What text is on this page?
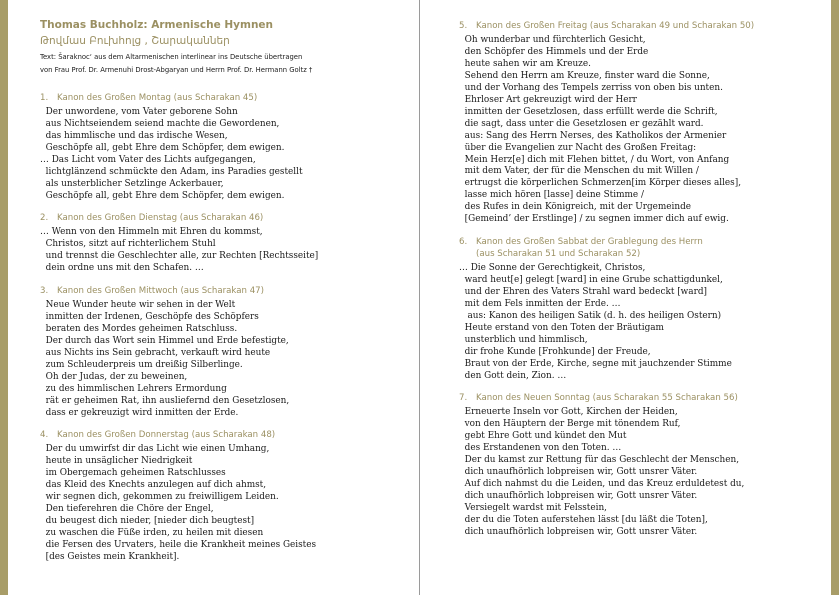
Thomas Buchholz: Armenische Hymnen
Թովմաս Բուխհոլց , Շարականներ
Text: Šaraknoc‘ aus dem Altarmenischen interlinear ins Deutsche übertragen
von Frau Prof. Dr. Armenuhi Drost-Abgaryan und Herrn Prof. Dr. Hermann Goltz †
1.	Kanon des Großen Montag (aus Scharakan 45)
Der unwordene, vom Vater geborene Sohn
aus Nichtseiendem seiend machte die Gewordenen,
das himmlische und das irdische Wesen,
Geschöpfe all, gebt Ehre dem Schöpfer, dem ewigen.
… Das Licht vom Vater des Lichts aufgegangen,
lichtglänzend schmückte den Adam, ins Paradies gestellt
als unsterblicher Setzlinge Ackerbauer,
Geschöpfe all, gebt Ehre dem Schöpfer, dem ewigen.
2.	Kanon des Großen Dienstag (aus Scharakan 46)
… Wenn von den Himmeln mit Ehren du kommst,
Christos, sitzt auf richterlichem Stuhl
und trennst die Geschlechter alle, zur Rechten [Rechtsseite]
dein ordne uns mit den Schafen. …
3.	Kanon des Großen Mittwoch (aus Scharakan 47)
Neue Wunder heute wir sehen in der Welt
inmitten der Irdenen, Geschöpfe des Schöpfers
beraten des Mordes geheimen Ratschluss.
Der durch das Wort sein Himmel und Erde befestigte,
aus Nichts ins Sein gebracht, verkauft wird heute
zum Schleuderpreis um dreißig Silberlinge.
Oh der Judas, der zu beweinen,
zu des himmlischen Lehrers Ermordung
rät er geheimen Rat, ihn ausliefernd den Gesetzlosen,
dass er gekreuzigt wird inmitten der Erde.
4.	Kanon des Großen Donnerstag (aus Scharakan 48)
Der du umwirfst dir das Licht wie einen Umhang,
heute in unsäglicher Niedrigkeit
im Obergemach geheimen Ratschlusses
das Kleid des Knechts anzulegen auf dich ahmst,
wir segnen dich, gekommen zu freiwilligem Leiden.
Den tieferehren die Chöre der Engel,
du beugest dich nieder, [nieder dich beugtest]
zu waschen die Füße irden, zu heilen mit diesen
die Fersen des Urvaters, heile die Krankheit meines Geistes
[des Geistes mein Krankheit].
5.	Kanon des Großen Freitag (aus Scharakan 49 und Scharakan 50)
Oh wunderbar und fürchterlich Gesicht,
den Schöpfer des Himmels und der Erde
heute sahen wir am Kreuze.
Sehend den Herrn am Kreuze, finster ward die Sonne,
und der Vorhang des Tempels zerriss von oben bis unten.
Ehrloser Art gekreuzigt wird der Herr
inmitten der Gesetzlosen, dass erfüllt werde die Schrift,
die sagt, dass unter die Gesetzlosen er gezählt ward.
aus: Sang des Herrn Nerses, des Katholikos der Armenier
über die Evangelien zur Nacht des Großen Freitag:
Mein Herz[e] dich mit Flehen bittet, / du Wort, von Anfang
mit dem Vater, der für die Menschen du mit Willen /
ertrugst die körperlichen Schmerzen[im Körper dieses alles],
lasse mich hören [lasse] deine Stimme /
des Rufes in dein Königreich, mit der Urgemeinde
[Gemeind’ der Erstlinge] / zu segnen immer dich auf ewig.
6.	Kanon des Großen Sabbat der Grablegung des Herrn
(aus Scharakan 51 und Scharakan 52)
… Die Sonne der Gerechtigkeit, Christos,
ward heut[e] gelegt [ward] in eine Grube schattigdunkel,
und der Ehren des Vaters Strahl ward bedeckt [ward]
mit dem Fels inmitten der Erde. …
aus: Kanon des heiligen Satik (d. h. des heiligen Ostern)
Heute erstand von den Toten der Bräutigam
unsterblich und himmlisch,
dir frohe Kunde [Frohkunde] der Freude,
Braut von der Erde, Kirche, segne mit jauchzender Stimme
den Gott dein, Zion. …
7.	Kanon des Neuen Sonntag (aus Scharakan 55 Scharakan 56)
Erneuerte Inseln vor Gott, Kirchen der Heiden,
von den Häuptern der Berge mit tönendem Ruf,
gebt Ehre Gott und kündet den Mut
des Erstandenen von den Toten. …
Der du kamst zur Rettung für das Geschlecht der Menschen,
dich unaufhörlich lobpreisen wir, Gott unsrer Väter.
Auf dich nahmst du die Leiden, und das Kreuz erduldetest du,
dich unaufhörlich lobpreisen wir, Gott unsrer Väter.
Versiegelt wardst mit Felsstein,
der du die Toten auferstehen lässt [du läßt die Toten],
dich unaufhörlich lobpreisen wir, Gott unsrer Väter.
